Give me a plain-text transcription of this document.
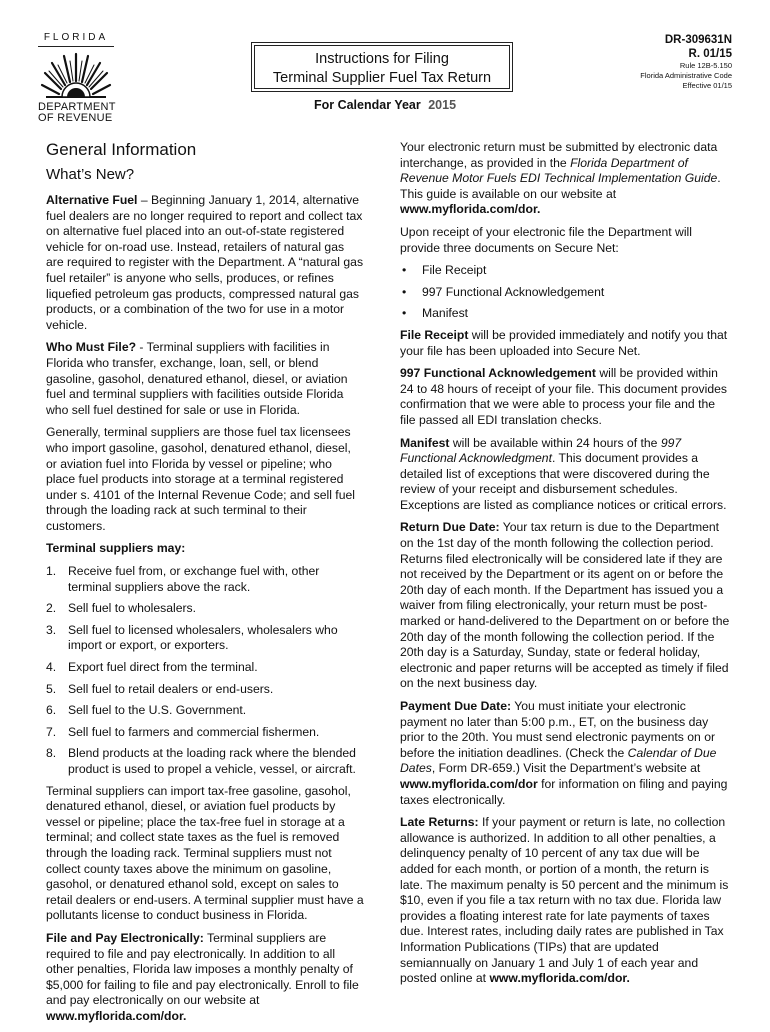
FLORIDA
DEPARTMENT
OF REVENUE
Instructions for Filing
Terminal Supplier Fuel Tax Return
For Calendar Year 2015
DR-309631N
R. 01/15
Rule 12B-5.150
Florida Administrative Code
Effective 01/15
General Information
What’s New?

Alternative Fuel – Beginning January 1, 2014, alternative fuel dealers are no longer required to report and collect tax on alternative fuel placed into an out-of-state registered vehicle for on-road use. Instead, retailers of natural gas are required to register with the Department. A “natural gas fuel retailer” is anyone who sells, produces, or refines liquefied petroleum gas products, compressed natural gas products, or a combination of the two for use in a motor vehicle.

Who Must File? - Terminal suppliers with facilities in Florida who transfer, exchange, loan, sell, or blend gasoline, gasohol, denatured ethanol, diesel, or aviation fuel and terminal suppliers with facilities outside Florida who sell fuel destined for sale or use in Florida.

Generally, terminal suppliers are those fuel tax licensees who import gasoline, gasohol, denatured ethanol, diesel, or aviation fuel into Florida by vessel or pipeline; who place fuel products into storage at a terminal registered under s. 4101 of the Internal Revenue Code; and sell fuel through the loading rack at such terminal to their customers.

Terminal suppliers may:

1. Receive fuel from, or exchange fuel with, other terminal suppliers above the rack.
2. Sell fuel to wholesalers.
3. Sell fuel to licensed wholesalers, wholesalers who import or export, or exporters.
4. Export fuel direct from the terminal.
5. Sell fuel to retail dealers or end-users.
6. Sell fuel to the U.S. Government.
7. Sell fuel to farmers and commercial fishermen.
8. Blend products at the loading rack where the blended product is used to propel a vehicle, vessel, or aircraft.

Terminal suppliers can import tax-free gasoline, gasohol, denatured ethanol, diesel, or aviation fuel products by vessel or pipeline; place the tax-free fuel in storage at a terminal; and collect state taxes as the fuel is removed through the loading rack. Terminal suppliers must not collect county taxes above the minimum on gasoline, gasohol, or denatured ethanol sold, except on sales to retail dealers or end-users. A terminal supplier must have a pollutants license to conduct business in Florida.

File and Pay Electronically: Terminal suppliers are required to file and pay electronically. In addition to all other penalties, Florida law imposes a monthly penalty of $5,000 for failing to file and pay electronically. Enroll to file and pay electronically on our website at www.myflorida.com/dor.

Your electronic return must be submitted by electronic data interchange, as provided in the Florida Department of Revenue Motor Fuels EDI Technical Implementation Guide. This guide is available on our website at www.myflorida.com/dor.

Upon receipt of your electronic file the Department will provide three documents on Secure Net:

• File Receipt
• 997 Functional Acknowledgement
• Manifest

File Receipt will be provided immediately and notify you that your file has been uploaded into Secure Net.

997 Functional Acknowledgement will be provided within 24 to 48 hours of receipt of your file. This document provides confirmation that we were able to process your file and the file passed all EDI translation checks.

Manifest will be available within 24 hours of the 997 Functional Acknowledgment. This document provides a detailed list of exceptions that were discovered during the review of your receipt and disbursement schedules. Exceptions are listed as compliance notices or critical errors.

Return Due Date: Your tax return is due to the Department on the 1st day of the month following the collection period. Returns filed electronically will be considered late if they are not received by the Department or its agent on or before the 20th day of each month. If the Department has issued you a waiver from filing electronically, your return must be post-marked or hand-delivered to the Department on or before the 20th day of the month following the collection period. If the 20th day is a Saturday, Sunday, state or federal holiday, electronic and paper returns will be accepted as timely if filed on the next business day.

Payment Due Date: You must initiate your electronic payment no later than 5:00 p.m., ET, on the business day prior to the 20th. You must send electronic payments on or before the initiation deadlines. (Check the Calendar of Due Dates, Form DR-659.) Visit the Department’s website at www.myflorida.com/dor for information on filing and paying taxes electronically.

Late Returns: If your payment or return is late, no collection allowance is authorized. In addition to all other penalties, a delinquency penalty of 10 percent of any tax due will be added for each month, or portion of a month, the return is late. The maximum penalty is 50 percent and the minimum is $10, even if you file a tax return with no tax due. Florida law provides a floating interest rate for late payments of taxes due. Interest rates, including daily rates are published in Tax Information Publications (TIPs) that are updated semiannually on January 1 and July 1 of each year and posted online at www.myflorida.com/dor.
